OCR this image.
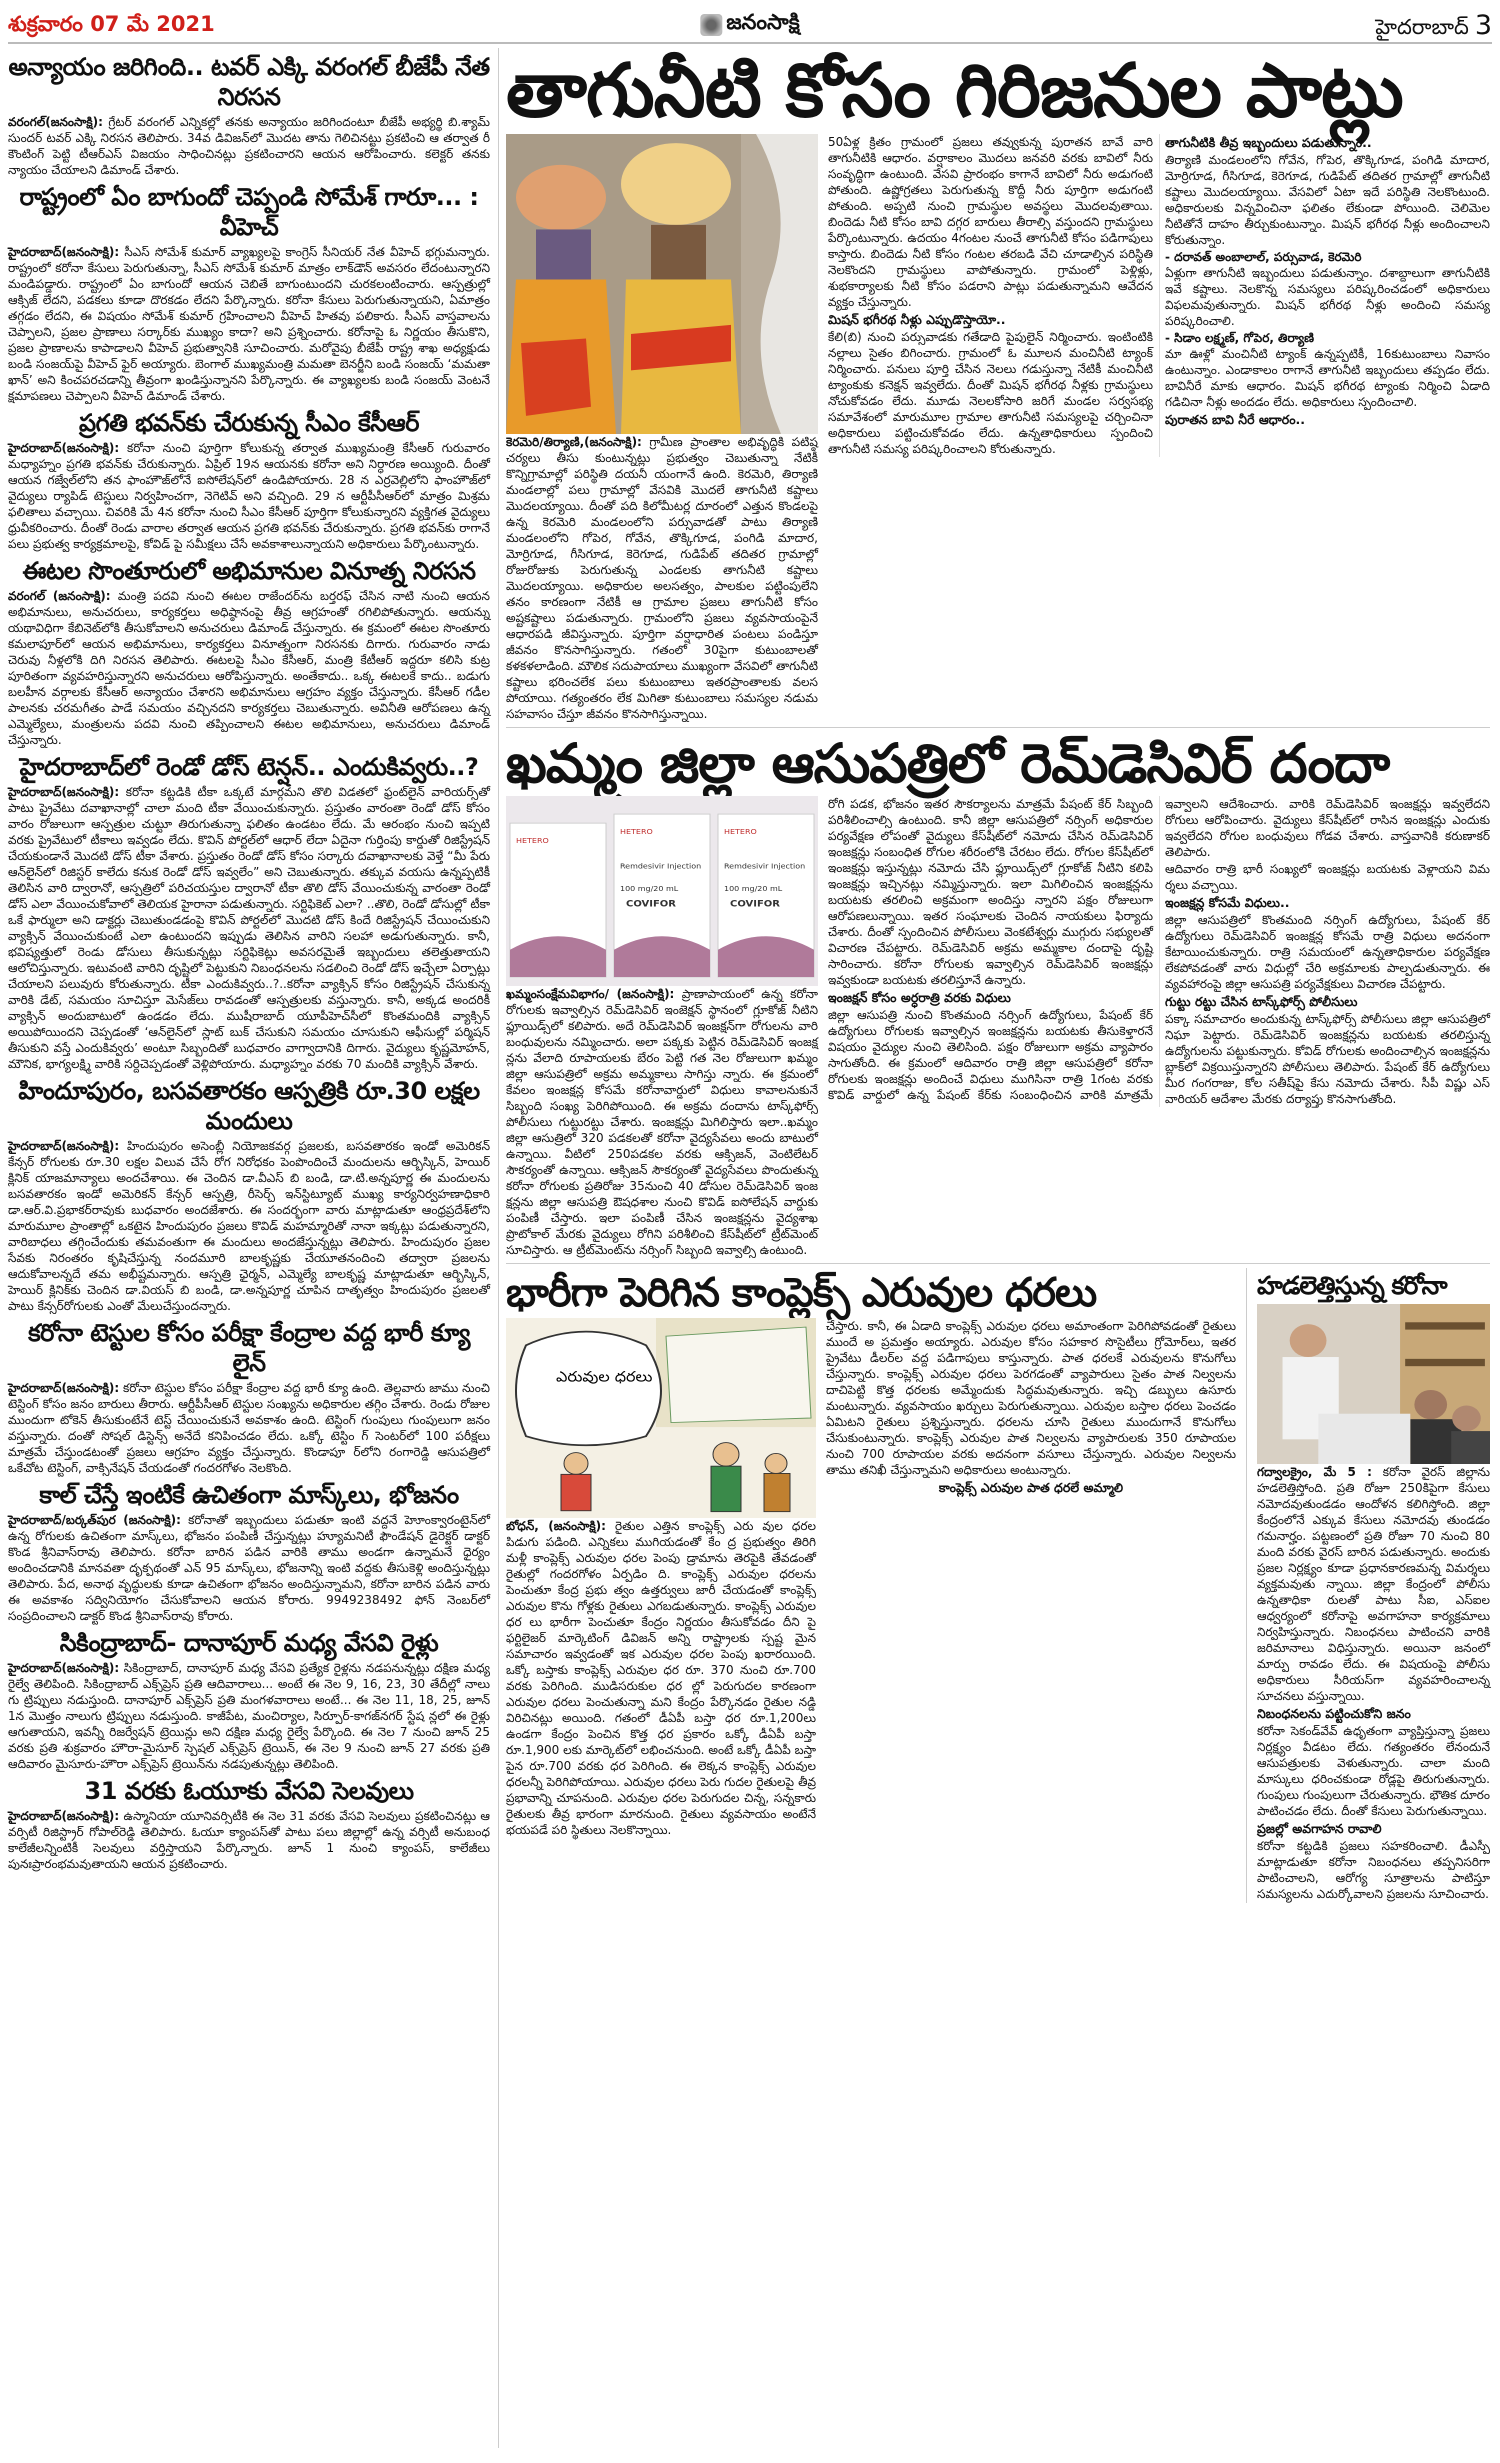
శుక్రవారం 07 మే 2021	జనంసాక్షి	హైదరాబాద్ 3
అన్యాయం జరిగింది.. టవర్ ఎక్కి వరంగల్ బీజేపీ నేత నిరసన

వరంగల్(జనంసాక్షి): గ్రేటర్ వరంగల్ ఎన్నికల్లో తనకు అన్యాయం జరిగిందంటూ బీజేపీ అభ్యర్థి బి.శ్యామ్ సుందర్ టవర్ ఎక్కి నిరసన తెలిపారు. 34వ డివిజన్‌లో మొదట తాను గెలిచినట్టు ప్రకటించి ఆ తర్వాత రీ కౌంటింగ్ పెట్టి టీఆర్ఎస్ విజయం సాధించినట్లు ప్రకటించారని ఆయన ఆరోపించారు. కలెక్టర్ తనకు న్యాయం చేయాలని డిమాండ్ చేశారు.

రాష్ట్రంలో ఏం బాగుందో చెప్పండి సోమేశ్ గారూ... : వీహెచ్

హైదరాబాద్(జనంసాక్షి): సీఎస్ సోమేశ్ కుమార్ వ్యాఖ్యలపై కాంగ్రెస్ సీనియర్ నేత వీహెచ్ భగ్గుమన్నారు. రాష్ట్రంలో కరోనా కేసులు పెరుగుతున్నా, సీఎస్ సోమేశ్ కుమార్ మాత్రం లాక్‌డౌన్ అవసరం లేదంటున్నారని మండిపడ్డారు. రాష్ట్రంలో ఏం బాగుందో ఆయన చెబితే బాగుంటుందని చురకలంటించారు. ఆస్పత్రుల్లో ఆక్సిజ్ లేదని, పడకలు కూడా దొరకడం లేదని పేర్కొన్నారు. కరోనా కేసులు పెరుగుతున్నాయని, ఏమాత్రం తగ్గడం లేదని, ఈ విషయం సోమేశ్ కుమార్ గ్రహించాలని వీహెచ్ హితవు పలికారు. సీఎస్ వాస్తవాలను చెప్పాలని, ప్రజల ప్రాణాలు సర్కార్‌కు ముఖ్యం కాదా? అని ప్రశ్నించారు. కరోనాపై ఓ నిర్ణయం తీసుకొని, ప్రజల ప్రాణాలను కాపాడాలని వీహెచ్ ప్రభుత్వానికి సూచించారు. మరోవైపు బీజేపీ రాష్ట్ర శాఖ అధ్యక్షుడు బండి సంజయ్‌పై వీహెచ్ ఫైర్ అయ్యారు. బెంగాల్ ముఖ్యమంత్రి మమతా బెనర్జీని బండి సంజయ్ ‘మమతా ఖాన్’ అని కించపరచడాన్ని తీవ్రంగా ఖండిస్తున్నానని పేర్కొన్నారు. ఈ వ్యాఖ్యలకు బండి సంజయ్ వెంటనే క్షమాపణలు చెప్పాలని వీహెచ్ డిమాండ్ చేశారు.

ప్రగతి భవన్‌కు చేరుకున్న సీఎం కేసీఆర్

హైదరాబాద్(జనంసాక్షి): కరోనా నుంచి పూర్తిగా కోలుకున్న తర్వాత ముఖ్యమంత్రి కేసీఆర్ గురువారం మధ్యాహ్నం ప్రగతి భవన్‌కు చేరుకున్నారు. ఏప్రిల్ 19న ఆయనకు కరోనా అని నిర్ధారణ అయ్యింది. దీంతో ఆయన గజ్వేల్‌లోని తన ఫాంహౌజ్‌లోనే ఐసోలేషన్‌లో ఉండిపోయారు. 28 న ఎర్రవెల్లిలోని ఫాంహౌజ్‌లో వైద్యులు ర్యాపిడ్ టెస్టులు నిర్వహించగా, నెగెటివ్ అని వచ్చింది. 29 న ఆర్టీపీసీఆర్‌లో మాత్రం మిశ్రమ ఫలితాలు వచ్చాయి. చివరికి మే 4న కరోనా నుంచి సీఎం కేసీఆర్ పూర్తిగా కోలుకున్నారని వ్యక్తిగత వైద్యులు ధ్రువీకరించారు. దీంతో రెండు వారాల తర్వాత ఆయన ప్రగతి భవన్‌కు చేరుకున్నారు. ప్రగతి భవన్‌కు రాగానే పలు ప్రభుత్వ కార్యక్రమాలపై, కోవిడ్ పై సమీక్షలు చేసే అవకాశాలున్నాయని అధికారులు పేర్కొంటున్నారు.

ఈటల సొంతూరులో అభిమానుల వినూత్న నిరసన

వరంగల్ (జనంసాక్షి): మంత్రి పదవి నుంచి ఈటల రాజేందర్‌ను బర్తరఫ్ చేసిన నాటి నుంచి ఆయన అభిమానులు, అనుచరులు, కార్యకర్తలు అధిష్ఠానంపై తీవ్ర ఆగ్రహంతో రగిలిపోతున్నారు. ఆయన్ను యథావిధిగా కేబినెట్‌లోకి తీసుకోవాలని అనుచరులు డిమాండ్ చేస్తున్నారు. ఈ క్రమంలో ఈటల సొంతూరు కమలాపూర్‌లో ఆయన అభిమానులు, కార్యకర్తలు వినూత్నంగా నిరసనకు దిగారు. గురువారం నాడు చెరువు నీళ్లలోకి దిగి నిరసన తెలిపారు. ఈటలపై సీఎం కేసీఆర్, మంత్రి కేటీఆర్ ఇద్దరూ కలిసి కుట్ర పూరితంగా వ్యవహరిస్తున్నారని అనుచరులు ఆరోపిస్తున్నారు. అంతేకాదు.. ఒక్క ఈటలకే కాదు.. బడుగు బలహీన వర్గాలకు కేసీఆర్ అన్యాయం చేశారని అభిమానులు ఆగ్రహం వ్యక్తం చేస్తున్నారు. కేసీఆర్ గడీల పాలనకు చరమగీతం పాడే సమయం వచ్చినదని కార్యకర్తలు చెబుతున్నారు. అవినీతి ఆరోపణలు ఉన్న ఎమ్మెల్యేలు, మంత్రులను పదవి నుంచి తప్పించాలని ఈటల అభిమానులు, అనుచరులు డిమాండ్ చేస్తున్నారు.

హైదరాబాద్‌లో రెండో డోస్ టెన్షన్.. ఎందుకివ్వరు..?

హైదరాబాద్(జనంసాక్షి): కరోనా కట్టడికి టీకా ఒక్కటే మార్గమని తొలి విడతలో ఫ్రంట్‌లైన్ వారియర్స్‌తో పాటు ప్రైవేటు దవాఖానాల్లో చాలా మంది టీకా వేయించుకున్నారు. ప్రస్తుతం వారంతా రెండో డోస్ కోసం వారం రోజులుగా ఆస్పత్రుల చుట్టూ తిరుగుతున్నా ఫలితం ఉండటం లేదు. మే ఆరంభం నుంచి ఇప్పటి వరకు ప్రైవేటులో టీకాలు ఇవ్వడం లేదు. కొవిన్ పోర్టల్‌లో ఆధార్ లేదా ఏదైనా గుర్తింపు కార్డుతో రిజిస్ట్రేషన్ చేయకుండానే మొదటి డోస్ టీకా వేశారు. ప్రస్తుతం రెండో డోస్ కోసం సర్కారు దవాఖానాలకు వెళ్తే “మీ పేరు ఆన్‌లైన్‌లో రిజిస్టర్ కాలేదు కనుక రెండో డోస్ ఇవ్వలేం” అని చెబుతున్నారు. తక్కువ వయసు ఉన్నప్పటికీ తెలిసిన వారి ద్వారానో, ఆస్పత్రిలో పరిచయస్తుల ద్వారానో టీకా తొలి డోస్ వేయించుకున్న వారంతా రెండో డోస్ ఎలా వేయించుకోవాలో తెలియక హైరానా పడుతున్నారు. సర్టిఫికెట్ ఎలా? ..తొలి, రెండో డోసుల్లో టీకా ఒకే ఫార్ములా అని డాక్టర్లు చెబుతుండడంపై కొవిన్ పోర్టల్‌లో మొదటి డోస్ కిందే రిజిస్ట్రేషన్ చేయించుకుని వ్యాక్సిన్ వేయించుకుంటే ఎలా ఉంటుందని ఇప్పుడు తెలిసిన వారిని సలహా అడుగుతున్నారు. కానీ, భవిష్యత్తులో రెండు డోసులు తీసుకున్నట్లు సర్టిఫికెట్లు అవసరమైతే ఇబ్బందులు తలెత్తుతాయని ఆలోచిస్తున్నారు. ఇటువంటి వారిని దృష్టిలో పెట్టుకుని నిబంధనలను సడలించి రెండో డోస్ ఇచ్చేలా ఏర్పాట్లు చేయాలని పలువురు కోరుతున్నారు. టీకా ఎందుకివ్వరు..?..కరోనా వ్యాక్సిన్ కోసం రిజిస్ట్రేషన్ చేసుకున్న వారికి డేట్, సమయం సూచిస్తూ మెసేజ్‌లు రావడంతో ఆస్పత్రులకు వస్తున్నారు. కానీ, అక్కడ అందరికీ వ్యాక్సిన్ అందుబాటులో ఉండడం లేదు. ముషీరాబాద్ యూపీహెచ్‌సీలో కొంతమందికి వ్యాక్సిన్ అయిపోయిందని చెప్పడంతో ‘ఆన్‌లైన్‌లో స్లాట్ బుక్ చేసుకుని సమయం చూసుకుని ఆఫీసుల్లో పర్మిషన్ తీసుకుని వస్తే ఎందుకివ్వరు’ అంటూ సిబ్బందితో బుధవారం వాగ్వాదానికి దిగారు. వైద్యులు కృష్ణమోహన్, మౌనిక, భాగ్యలక్ష్మి వారికి సర్దిచెప్పడంతో వెళ్లిపోయారు. మధ్యాహ్నం వరకు 70 మందికి వ్యాక్సిన్ వేశారు.

హిందూపురం, బసవతారకం ఆస్పత్రికి రూ.30 లక్షల మందులు

హైదరాబాద్(జనంసాక్షి): హిందుపురం అసెంబ్లీ నియోజకవర్గ ప్రజలకు, బసవతారకం ఇండో అమెరికన్ కేన్సర్ రోగులకు రూ.30 లక్షల విలువ చేసే రోగ నిరోధకం పెంపొందించే మందులను ఆర్బిస్కిన్, హెయిర్ క్లినిక్ యాజమాన్యాలు అందచేశాయి. ఈ చెందిన డా.వీఎస్ బి బండి, డా.టి.అన్నపూర్ణ ఈ మందులను బసవతారకం ఇండో అమెరికన్ కేన్సర్ ఆస్పత్రి, రీసెర్చ్ ఇన్‌స్టిట్యూట్ ముఖ్య కార్యనిర్వహణాధికారి డా.ఆర్.వి.ప్రభాకర్‌రావుకు బుధవారం అందజేశారు. ఈ సందర్భంగా వారు మాట్లాడుతూ ఆంధ్రప్రదేశ్‌లోని మారుమూల ప్రాంతాల్లో ఒకటైన హిందుపురం ప్రజలు కొవిడ్ మహమ్మారితో నానా ఇక్కట్లు పడుతున్నారని, వారిబాధలు తగ్గించేందుకు తమవంతుగా ఈ మందులు అందజేస్తున్నట్లు తెలిపారు. హిందుపురం ప్రజల సేవకు నిరంతరం కృషిచేస్తున్న నందమూరి బాలకృష్ణకు చేయూతనందించి తద్వారా ప్రజలను ఆదుకోవాలన్నదే తమ అభీష్టమన్నారు. ఆస్పత్రి ఛైర్మన్, ఎమ్మెల్యే బాలకృష్ణ మాట్లాడుతూ ఆర్బిస్కిన్, హెయిర్ క్లినిక్‌కు చెందిన డా.వియస్ బి బండి, డా.అన్నపూర్ణ చూపిన దాతృత్వం హిందుపురం ప్రజలతో పాటు కేన్సర్‌రోగులకు ఎంతో మేలుచేస్తుందన్నారు.

కరోనా టెస్టుల కోసం పరీక్షా కేంద్రాల వద్ద భారీ క్యూ లైన్

హైదరాబాద్(జనంసాక్షి): కరోనా టెస్టుల కోసం పరీక్షా కేంద్రాల వద్ద భారీ క్యూ ఉంది. తెల్లవారు జాము నుంచి టెస్టింగ్ కోసం జనం బారులు తీరారు. ఆర్టీపీసీఆర్ టెస్టుల సంఖ్యను అధికారుల తగ్గిం చేశారు. రెండు రోజుల ముందుగా టోకెన్ తీసుకుంటేనే టెస్ట్ చేయించుకునే అవకాశం ఉంది. టెస్టింగ్ గుంపులు గుంపులుగా జనం వస్తున్నారు. దంతో సోషల్ డిస్టెన్స్ అనేదే కనిపించడం లేదు. ఒక్కో టెస్టిం గ్ సెంటర్‌లో 100 పరీక్షలు మాత్రమే చేస్తుండటంతో ప్రజలు ఆగ్రహం వ్యక్తం చేస్తున్నారు. కొండాపూ ర్‌లోని రంగారెడ్డి ఆసుపత్రిలో ఒకేచోట టెస్టింగ్, వాక్సినేషన్ చేయడంతో గందరగోళం నెలకొంది.

కాల్ చేస్తే ఇంటికే ఉచితంగా మాస్క్‌లు, భోజనం

హైదరాబాద్/బర్కత్‌పుర (జనంసాక్షి): కరోనాతో ఇబ్బందులు పడుతూ ఇంటి వద్దనే హెూంక్వారంటైన్‌లో ఉన్న రోగులకు ఉచితంగా మాస్క్‌లు, భోజనం పంపిణీ చేస్తున్నట్లు హ్యూమనిటీ ఫౌండేషన్ డైరెక్టర్ డాక్టర్ కొండ శ్రీనివాస్‌రావు తెలిపారు. కరోనా బారిన పడిన వారికి తాము అండగా ఉన్నామనే ధైర్యం అందించడానికి మానవతా దృక్పథంతో ఎన్ 95 మాస్క్‌లు, భోజనాన్ని ఇంటి వద్దకు తీసుకెళ్లి అందిస్తున్నట్లు తెలిపారు. పేద, అనాథ వృద్ధులకు కూడా ఉచితంగా భోజనం అందిస్తున్నామని, కరోనా బారిన పడిన వారు ఈ అవకాశం సద్వినియోగం చేసుకోవాలని ఆయన కోరారు. 9949238492 ఫోన్ నెంబర్‌లో సంప్రదించాలని డాక్టర్ కొండ శ్రీనివాస్‌రావు కోరారు.

సికింద్రాబాద్- దానాపూర్ మధ్య వేసవి రైళ్లు

హైదరాబాద్(జనంసాక్షి): సికింద్రాబాద్, దానాపూర్ మధ్య వేసవి ప్రత్యేక రైళ్లను నడపనున్నట్లు దక్షిణ మధ్య రైల్వే తెలిపింది. సికింద్రాబాద్ ఎక్స్‌ప్రెస్ ప్రతి ఆదివారాలు... అంటే ఈ నెల 9, 16, 23, 30 తేదీల్లో నాలు గు ట్రిప్పులు నడుస్తుంది. దానాపూర్ ఎక్స్‌ప్రెస్ ప్రతి మంగళవారాలు అంటే... ఈ నెల 11, 18, 25, జూన్ 1న మొత్తం నాలుగు ట్రిప్పులు నడుస్తుంది. కాజీపేట, మంచిర్యాల, సిర్పూర్-కాగజ్‌నగర్ స్టేష న్లలో ఈ రైళ్లు ఆగుతాయని, ఇవన్నీ రిజర్వేషన్ ట్రెయిన్లు అని దక్షిణ మధ్య రైల్వే పేర్కొంది. ఈ నెల 7 నుంచి జూన్ 25 వరకు ప్రతి శుక్రవారం హౌరా-మైసూర్ స్పెషల్ ఎక్స్‌ప్రెస్ ట్రెయిన్, ఈ నెల 9 నుంచి జూన్ 27 వరకు ప్రతి ఆదివారం మైసూరు-హౌరా ఎక్స్‌ప్రెస్ ట్రెయిన్‌ను నడపుతున్నట్లు తెలిపింది.

31 వరకు ఓయూకు వేసవి సెలవులు

హైదరాబాద్(జనంసాక్షి): ఉస్మానియా యూనివర్సిటీకి ఈ నెల 31 వరకు వేసవి సెలవులు ప్రకటించినట్లు ఆ వర్సిటీ రిజిస్ట్రార్ గోపాల్‌రెడ్డి తెలిపారు. ఓయూ క్యాంపస్‌తో పాటు పలు జిల్లాల్లో ఉన్న వర్సిటీ అనుబంధ కాలేజీలన్నింటికీ సెలవులు వర్తిస్తాయని పేర్కొన్నారు. జూన్ 1 నుంచి క్యాంపస్, కాలేజీలు పునఃప్రారంభమవుతాయని ఆయన ప్రకటించారు.

తాగునీటి కోసం గిరిజనుల పాట్లు

కెరమెరి/తిర్యాణి,(జనంసాక్షి): గ్రామీణ ప్రాంతాల అభివృద్ధికి పటిష్ఠ చర్యలు తీసు కుంటున్నట్లు ప్రభుత్వం చెబుతున్నా నేటికీ కొన్నిగ్రామాల్లో పరిస్థితి దయనీ యంగానే ఉంది. కెరమెరి, తిర్యాణి మండలాల్లో పలు గ్రామాల్లో వేసవికి మొదలే తాగునీటి కష్టాలు మొదలయ్యాయి. దీంతో పది కిలోమీటర్ల దూరంలో ఎత్తున కొండలపై ఉన్న కెరమెరి మండలంలోని పర్సువాడతో పాటు తిర్యాణి మండలంలోని గోపెర, గోవేన, తొక్కిగూడ, పంగిడి మాదార, మోర్రిగూడ, గీసిగూడ, కెరెగూడ, గుడిపేట్ తదితర గ్రామాల్లో రోజురోజుకు పెరుగుతున్న ఎండలకు తాగునీటి కష్టాలు మొదలయ్యాయి. అధికారుల అలసత్వం, పాలకుల పట్టింపులేని తనం కారణంగా నేటికీ ఆ గ్రామాల ప్రజలు తాగునీటి కోసం అష్టకష్టాలు పడుతున్నారు. గ్రామంలోని ప్రజలు వ్యవసాయంపైనే ఆధారపడి జీవిస్తున్నారు. పూర్తిగా వర్షాధారిత పంటలు పండిస్తూ జీవనం కొనసాగిస్తున్నారు. గతంలో 30పైగా కుటుంబాలతో కళకళలాడింది. మౌలిక సదుపాయాలు ముఖ్యంగా వేసవిలో తాగునీటి కష్టాలు భరించలేక పలు కుటుంబాలు ఇతరప్రాంతాలకు వలస పోయాయి. గత్యంతరం లేక మిగితా కుటుంబాలు సమస్యల నడుమ సహవాసం చేస్తూ జీవనం కొనసాగిస్తున్నాయి.

50ఏళ్ల క్రితం గ్రామంలో ప్రజలు తవ్వుకున్న పురాతన బావే వారి తాగునీటికి ఆధారం. వర్షాకాలం మొదలు జనవరి వరకు బావిలో నీరు సంవృద్ధిగా ఉంటుంది. వేసవి ప్రారంభం కాగానే బావిలో నీరు అడుగంటి పోతుంది. ఉష్ణోగ్రతలు పెరుగుతున్న కొద్దీ నీరు పూర్తిగా అడుగంటి పోతుంది. అప్పటి నుంచి గ్రామస్థుల అవస్థలు మొదలవుతాయి. బిందెడు నీటి కోసం బావి దగ్గర బారులు తీరాల్సి వస్తుందని గ్రామస్థులు పేర్కొంటున్నారు. ఉదయం 4గంటల నుంచే తాగునీటి కోసం పడిగాపులు కాస్తారు. బిందెడు నీటి కోసం గంటల తరబడి వేచి చూడాల్సిన పరిస్థితి నెలకొందని గ్రామస్థులు వాపోతున్నారు. గ్రామంలో పెళ్లిళ్లు, శుభకార్యాలకు నీటి కోసం పడరాని పాట్లు పడుతున్నామని ఆవేదన వ్యక్తం చేస్తున్నారు.

మిషన్‌ భగీరథ నీళ్లు ఎప్పుడొస్తాయో..

కేలి(బి) నుంచి పర్సువాడకు గతేడాది పైపులైన్ నిర్మించారు. ఇంటింటికి నల్లాలు సైతం బిగించారు. గ్రామంలో ఓ మూలన మంచినీటి ట్యాంక్ నిర్మించారు. పనులు పూర్తి చేసిన నెలలు గడుస్తున్నా నేటికీ మంచినీటి ట్యాంకుకు కనెక్షన్ ఇవ్వలేదు. దీంతో మిషన్ భగీరథ నీళ్లకు గ్రామస్థులు నోచుకోవడం లేదు. మూడు నెలలకోసారి జరిగే మండల సర్వసభ్య సమావేశంలో మారుమూల గ్రామాల తాగునీటి సమస్యలపై చర్చించినా అధికారులు పట్టించుకోవడం లేదు. ఉన్నతాధికారులు స్పందించి తాగునీటి సమస్య పరిష్కరించాలని కోరుతున్నారు.

తాగునీటికి తీవ్ర ఇబ్బందులు పడుతున్నాం..

తిర్యాణి మండలంలోని గోవేన, గోపెర, తొక్కిగూడ, పంగిడి మాదార, మోర్రిగూడ, గీసిగూడ, కెరెగూడ, గుడిపేట్ తదితర గ్రామాల్లో తాగునీటి కష్టాలు మొదలయ్యాయి. వేసవిలో ఏటా ఇదే పరిస్థితి నెలకొంటుంది. అధికారులకు విన్నవించినా ఫలితం లేకుండా పోయింది. చెలిమెల నీటితోనే దాహం తీర్చుకుంటున్నాం. మిషన్ భగీరథ నీళ్లు అందించాలని కోరుతున్నాం.

- దరావత్ అంబాలాల్, పర్సువాడ, కెరమెరి

ఏళ్లుగా తాగునీటి ఇబ్బందులు పడుతున్నాం. దశాబ్దాలుగా తాగునీటికి ఇవే కష్టాలు. నెలకొన్న సమస్యలు పరిష్కరించడంలో అధికారులు విఫలమవుతున్నారు. మిషన్ భగీరథ నీళ్లు అందించి సమస్య పరిష్కరించాలి.

- సిడాం లక్ష్మణ్, గోపెర, తిర్యాణి

మా ఊళ్లో మంచినీటి ట్యాంక్ ఉన్నప్పటికీ, 16కుటుంబాలు నివాసం ఉంటున్నాం. ఎండాకాలం రాగానే తాగునీటి ఇబ్బందులు తప్పడం లేదు. బావినీరే మాకు ఆధారం. మిషన్ భగీరథ ట్యాంకు నిర్మించి ఏడాది గడిచినా నీళ్లు అందడం లేదు. అధికారులు స్పందించాలి.

పురాతన బావి నీరే ఆధారం..
ఖమ్మం జిల్లా ఆసుపత్రిలో రెమ్‌డెసివిర్ దందా
HETERO
HETERO	HETERO
Remdesivir Injection	Remdesivir Injection
100 mg/20 mL	100 mg/20 mL
COVIFOR	COVIFOR

ఖమ్మంసంక్షేమవిభాగం/ (జనంసాక్షి): ప్రాణాపాయంలో ఉన్న కరోనా రోగులకు ఇవ్వాల్సిన రెమ్‌డెసివిర్ ఇంజెక్షన్ స్థానంలో గ్లూకోజ్ నీటిని ఫ్లూయిడ్స్‌లో కలిపారు. అదే రెమ్‌డెసివిర్ ఇంజక్షన్‌గా రోగులను వారి బంధువులను నమ్మించారు. అలా పక్కకు పెట్టిన రెమ్‌డెసివిర్ ఇంజక్ష న్లను వేలాది రూపాయలకు బేరం పెట్టి గత నెల రోజులుగా ఖమ్మం జిల్లా ఆసుపత్రిలో అక్రమ అమ్మకాలు సాగిస్తు న్నారు. ఈ క్రమంలో కేవలం ఇంజక్షన్ల కోసమే కరోనావార్డులో విధులు కావాలనుకునే సిబ్బంది సంఖ్య పెరిగిపోయింది. ఈ అక్రమ దందాను టాస్క్‌ఫోర్స్ పోలీసులు గుట్టురట్టు చేశారు. ఇంజక్షన్లు మిగిలిస్తారు ఇలా..ఖమ్మం జిల్లా ఆసుత్రిలో 320 పడకలతో కరోనా వైద్యసేవలు అందు బాటులో ఉన్నాయి. వీటిలో 250పడకల వరకు ఆక్సిజన్, వెంటిలేటర్ సౌకర్యంతో ఉన్నాయి. ఆక్సిజన్ సౌకర్యంతో వైద్యసేవలు పొందుతున్న కరోనా రోగులకు ప్రతిరోజు 35నుంచి 40 డోసుల రెమ్‌డెసివిర్ ఇంజ క్షన్లను జిల్లా ఆసుపత్రి ఔషధశాల నుంచి కొవిడ్ ఐసోలేషన్ వార్డుకు పంపిణీ చేస్తారు. ఇలా పంపిణీ చేసిన ఇంజక్షన్లను వైద్యశాఖ ప్రొటోకాల్ మేరకు వైద్యులు రోగిని పరిశీలించి కేస్‌షీట్‌లో ట్రీట్‌మెంట్ సూచిస్తారు. ఆ ట్రీట్‌మెంట్‌ను నర్సింగ్ సిబ్బంది ఇవ్వాల్సి ఉంటుంది.

రోగి పడక, భోజనం ఇతర సౌకర్యాలను మాత్రమే పేషంట్ కేర్ సిబ్బంది పరిశీలించాల్సి ఉంటుంది. కానీ జిల్లా ఆసుపత్రిలో నర్సింగ్ అధికారుల పర్యవేక్షణ లోపంతో వైద్యులు కేస్‌షీట్‌లో నమోదు చేసిన రెమ్‌డెసివిర్ ఇంజక్షన్లు సంబంధిత రోగుల శరీరంలోకి చేరటం లేదు. రోగుల కేస్‌షీట్‌లో ఇంజక్షన్లు ఇస్తున్నట్లు నమోదు చేసి ఫ్లూయిడ్స్‌లో గ్లూకోజ్ నీటిని కలిపి ఇంజక్షన్లు ఇచ్చినట్లు నమ్మిస్తున్నారు. ఇలా మిగిలించిన ఇంజక్షన్లను బయటకు తరలించి అక్రమంగా అందిస్తు న్నారని పక్షం రోజులుగా ఆరోపణలున్నాయి. ఇతర సంఘాలకు చెందిన నాయకులు ఫిర్యాదు చేశారు. దీంతో స్పందించిన పోలీసులు వెంకటేశ్వర్లు ముగ్గురు సభ్యులతో విచారణ చేపట్టారు. రెమ్‌డెసివిర్ అక్రమ అమ్మకాల దందాపై దృష్టి సారించారు. కరోనా రోగులకు ఇవ్వాల్సిన రెమ్‌డెసివిర్ ఇంజక్షన్లు ఇవ్వకుండా బయటకు తరలిస్తూనే ఉన్నారు.

ఇంజక్షన్ కోసం అర్ధరాత్రి వరకు విధులు

జిల్లా ఆసుపత్రి నుంచి కొంతమంది నర్సింగ్ ఉద్యోగులు, పేషంట్ కేర్ ఉద్యోగులు రోగులకు ఇవ్వాల్సిన ఇంజక్షన్లను బయటకు తీసుకెళ్తారనే విషయం వైద్యుల నుంచి తెలిసింది. పక్షం రోజులుగా అక్రమ వ్యాపారం సాగుతోంది. ఈ క్రమంలో ఆదివారం రాత్రి జిల్లా ఆసుపత్రిలో కరోనా రోగులకు ఇంజక్షన్లు అందించే విధులు ముగిసినా రాత్రి 1గంట వరకు కొవిడ్ వార్డులో ఉన్న పేషంట్ కేర్‌కు సంబంధించిన వారికి మాత్రమే ఇవ్వాలని ఆదేశించారు. వారికి రెమ్‌డెసివిర్ ఇంజక్షన్లు ఇవ్వలేదని రోగులు ఆరోపించారు. వైద్యులు కేస్‌షీట్‌లో రాసిన ఇంజక్షన్లు ఎందుకు ఇవ్వలేదని రోగుల బంధువులు గోడవ చేశారు. వాస్తవానికి కరుణాకర్ తెలిపారు.

ఆదివారం రాత్రి భారీ సంఖ్యలో ఇంజక్షన్లు బయటకు వెళ్లాయని విమ ర్శలు వచ్చాయి.

ఇంజక్షన్ల కోసమే విధులు..

జిల్లా ఆసుపత్రిలో కొంతమంది నర్సింగ్ ఉద్యోగులు, పేషంట్ కేర్ ఉద్యోగులు రెమ్‌డెసివిర్ ఇంజక్షన్ల కోసమే రాత్రి విధులు అదనంగా కేటాయించుకున్నారు. రాత్రి సమయంలో ఉన్నతాధికారుల పర్యవేక్షణ లేకపోవడంతో వారు విధుల్లో చేరి అక్రమాలకు పాల్పడుతున్నారు. ఈ వ్యవహారంపై జిల్లా ఆసుపత్రి పర్యవేక్షకులు విచారణ చేపట్టారు.

గుట్టు రట్టు చేసిన టాస్క్‌ఫోర్స్ పోలీసులు

పక్కా సమాచారం అందుకున్న టాస్క్‌ఫోర్స్ పోలీసులు జిల్లా ఆసుపత్రిలో నిఘా పెట్టారు. రెమ్‌డెసివిర్ ఇంజక్షన్లను బయటకు తరలిస్తున్న ఉద్యోగులను పట్టుకున్నారు. కోవిడ్ రోగులకు అందించాల్సిన ఇంజక్షన్లను బ్లాక్‌లో విక్రయిస్తున్నారని పోలీసులు తెలిపారు. పేషంట్ కేర్ ఉద్యోగులు మీర గంగరాజు, కోల సతీష్‌పై కేసు నమోదు చేశారు. సీపీ విష్ణు ఎస్ వారియర్ ఆదేశాల మేరకు దర్యాప్తు కొనసాగుతోంది.

భారీగా పెరిగిన కాంప్లెక్స్ ఎరువుల ధరలు
ఎరువుల ధరలు

బోధన్, (జనంసాక్షి): రైతుల ఎత్తిన కాంప్లెక్స్ ఎరు వుల ధరల పిడుగు పడింది. ఎన్నికలు ముగియడంతో కేం ద్ర ప్రభుత్వం తిరిగి మళ్లీ కాంప్లెక్స్ ఎరువుల ధరల పెంపు డ్రామాను తెరపైకి తేవడంతో రైతుల్లో గందరగోళం ఏర్పడిం ది. కాంప్లెక్స్ ఎరువుల ధరలను పెంచుతూ కేంద్ర ప్రభు త్వం ఉత్తర్వులు జారీ చేయడంతో కాంప్లెక్స్ ఎరువుల కొను గోళ్లకు రైతులు ఎగబడుతున్నారు. కాంప్లెక్స్ ఎరువుల ధర లు భారీగా పెంచుతూ కేంద్రం నిర్ణయం తీసుకోవడం దీని పై ఫర్టిలైజర్ మార్కెటింగ్ డివిజన్ అన్ని రాష్ట్రాలకు స్పష్ట మైన సమాచారం ఇవ్వడంతో ఇక ఎరువుల ధరల పెంపు ఖరారయింది. ఒక్కో బస్తాకు కాంప్లెక్స్ ఎరువుల ధర రూ. 370 నుంచి రూ.700 వరకు పెరిగింది. ముడిసరుకుల ధర ల్లో పెరుగుదల కారణంగా ఎరువుల ధరలు పెంచుతున్నా మని కేంద్రం పేర్కొనడం రైతుల నడ్డి విరిచినట్లు అయింది. గతంలో డీఏపీ బస్తా ధర రూ.1,200లు ఉండగా కేంద్రం పెంచిన కొత్త ధర ప్రకారం ఒక్కో డీఏపీ బస్తా రూ.1,900 లకు మార్కెట్‌లో లభించనుంది. అంటే ఒక్కో డీఏపీ బస్తా పైన రూ.700 వరకు ధర పెరిగింది. ఈ లెక్కన కాంప్లెక్స్ ఎరువుల ధరలన్నీ పెరిగిపోయాయి. ఎరువుల ధరలు పెరు గుదల రైతులపై తీవ్ర ప్రభావాన్ని చూపనుంది. ఎరువుల ధరల పెరుగుదల చిన్న, సన్నకారు రైతులకు తీవ్ర భారంగా మారనుంది. రైతులు వ్యవసాయం అంటేనే భయపడే పరి స్థితులు నెలకొన్నాయి.

చేస్తారు. కానీ, ఈ ఏడాది కాంప్లెక్స్ ఎరువుల ధరలు అమాంతంగా పెరిగిపోవడంతో రైతులు ముందే అ ప్రమత్తం అయ్యారు. ఎరువుల కోసం సహకార సొసైటీలు గ్రోమోర్‌లు, ఇతర ప్రైవేటు డీలర్‌ల వద్ద పడిగాపులు కాస్తున్నారు. పాత ధరలకే ఎరువులను కొనుగోలు చేస్తున్నారు. కాంప్లెక్స్ ఎరువుల ధరలు పెరగడంతో వ్యాపారులు సైతం పాత నిల్వలను దాచిపెట్టి కొత్త ధరలకు అమ్మేందుకు సిద్ధమవుతున్నారు. ఇచ్చి డబ్బులు ఉసూరు మంటున్నారు. వ్యవసాయం ఖర్చులు పెరుగుతున్నాయి. ఎరువుల బస్తాల ధరలు పెంచడం ఏమిటని రైతులు ప్రశ్నిస్తున్నారు. ధరలను చూసి రైతులు ముందుగానే కొనుగోలు చేసుకుంటున్నారు. కాంప్లెక్స్ ఎరువుల పాత నిల్వలను వ్యాపారులకు 350 రూపాయల నుంచి 700 రూపాయల వరకు అదనంగా వసూలు చేస్తున్నారు. ఎరువుల నిల్వలను తాము తనిఖీ చేస్తున్నామని అధికారులు అంటున్నారు.

కాంప్లెక్స్ ఎరువుల పాత ధరలే అమ్మాలి
హడలెత్తిస్తున్న కరోనా

గద్వాలక్రైం, మే 5 : కరోనా వైరస్ జిల్లాను హడలెత్తిస్తోంది. ప్రతి రోజూ 250కిపైగా కేసులు నమోదవుతుండడం ఆందోళన కలిగిస్తోంది. జిల్లా కేంద్రంలోనే ఎక్కువ కేసులు నమోదవు తుండడం గమనార్హం. పట్టణంలో ప్రతి రోజూ 70 నుంచి 80 మంది వరకు వైరస్ బారిన పడుతున్నారు. అందుకు ప్రజల నిర్లక్ష్యం కూడా ప్రధానకారణమన్న విమర్శలు వ్యక్తమవుతు న్నాయి. జిల్లా కేంద్రంలో పోలీసు ఉన్నతాధికా రులతో పాటు సీఐ, ఎస్ఐల ఆధ్వర్యంలో కరోనాపై అవగాహనా కార్యక్రమాలు నిర్వహిస్తున్నారు. నిబంధనలు పాటించని వారికి జరిమానాలు విధిస్తున్నారు. అయినా జనంలో మార్పు రావడం లేదు. ఈ విషయంపై పోలీసు అధికారులు సీరియస్‌గా వ్యవహరించాలన్న సూచనలు వస్తున్నాయి.

నిబంధనలను పట్టించుకోని జనం

కరోనా సెకండ్‌వేవ్ ఉధృతంగా వ్యాప్తిస్తున్నా ప్రజలు నిర్లక్ష్యం వీడటం లేదు. గత్యంతరం లేనందునే ఆసుపత్రులకు వెళుతున్నారు. చాలా మంది మాస్కులు ధరించకుండా రోడ్లపై తిరుగుతున్నారు. గుంపులు గుంపులుగా చేరుతున్నారు. భౌతిక దూరం పాటించడం లేదు. దీంతో కేసులు పెరుగుతున్నాయి.

ప్రజల్లో అవగాహన రావాలి

కరోనా కట్టడికి ప్రజలు సహకరించాలి. డీఎస్పీ మాట్లాడుతూ కరోనా నిబంధనలు తప్పనిసరిగా పాటించాలని, ఆరోగ్య సూత్రాలను పాటిస్తూ సమస్యలను ఎదుర్కోవాలని ప్రజలను సూచించారు.
